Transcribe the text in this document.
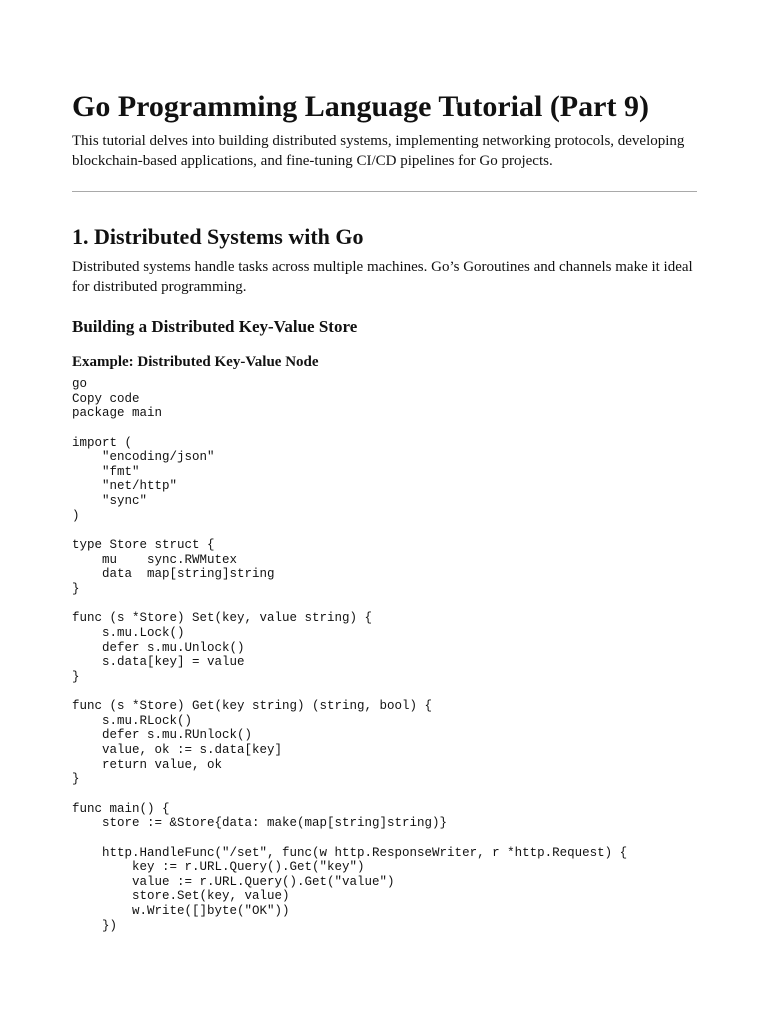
Go Programming Language Tutorial (Part 9)

This tutorial delves into building distributed systems, implementing networking protocols, developing blockchain-based applications, and fine-tuning CI/CD pipelines for Go projects.

1. Distributed Systems with Go

Distributed systems handle tasks across multiple machines. Go’s Goroutines and channels make it ideal for distributed programming.

Building a Distributed Key-Value Store
Example: Distributed Key-Value Node
go
Copy code
package main
import (
"encoding/json"
"fmt"
"net/http"
"sync"
)
type Store struct {
mu    sync.RWMutex
data  map[string]string
}
func (s *Store) Set(key, value string) {
s.mu.Lock()
defer s.mu.Unlock()
s.data[key] = value
}
func (s *Store) Get(key string) (string, bool) {
s.mu.RLock()
defer s.mu.RUnlock()
value, ok := s.data[key]
return value, ok
}
func main() {
store := &Store{data: make(map[string]string)}
http.HandleFunc("/set", func(w http.ResponseWriter, r *http.Request) {
key := r.URL.Query().Get("key")
value := r.URL.Query().Get("value")
store.Set(key, value)
w.Write([]byte("OK"))
})
